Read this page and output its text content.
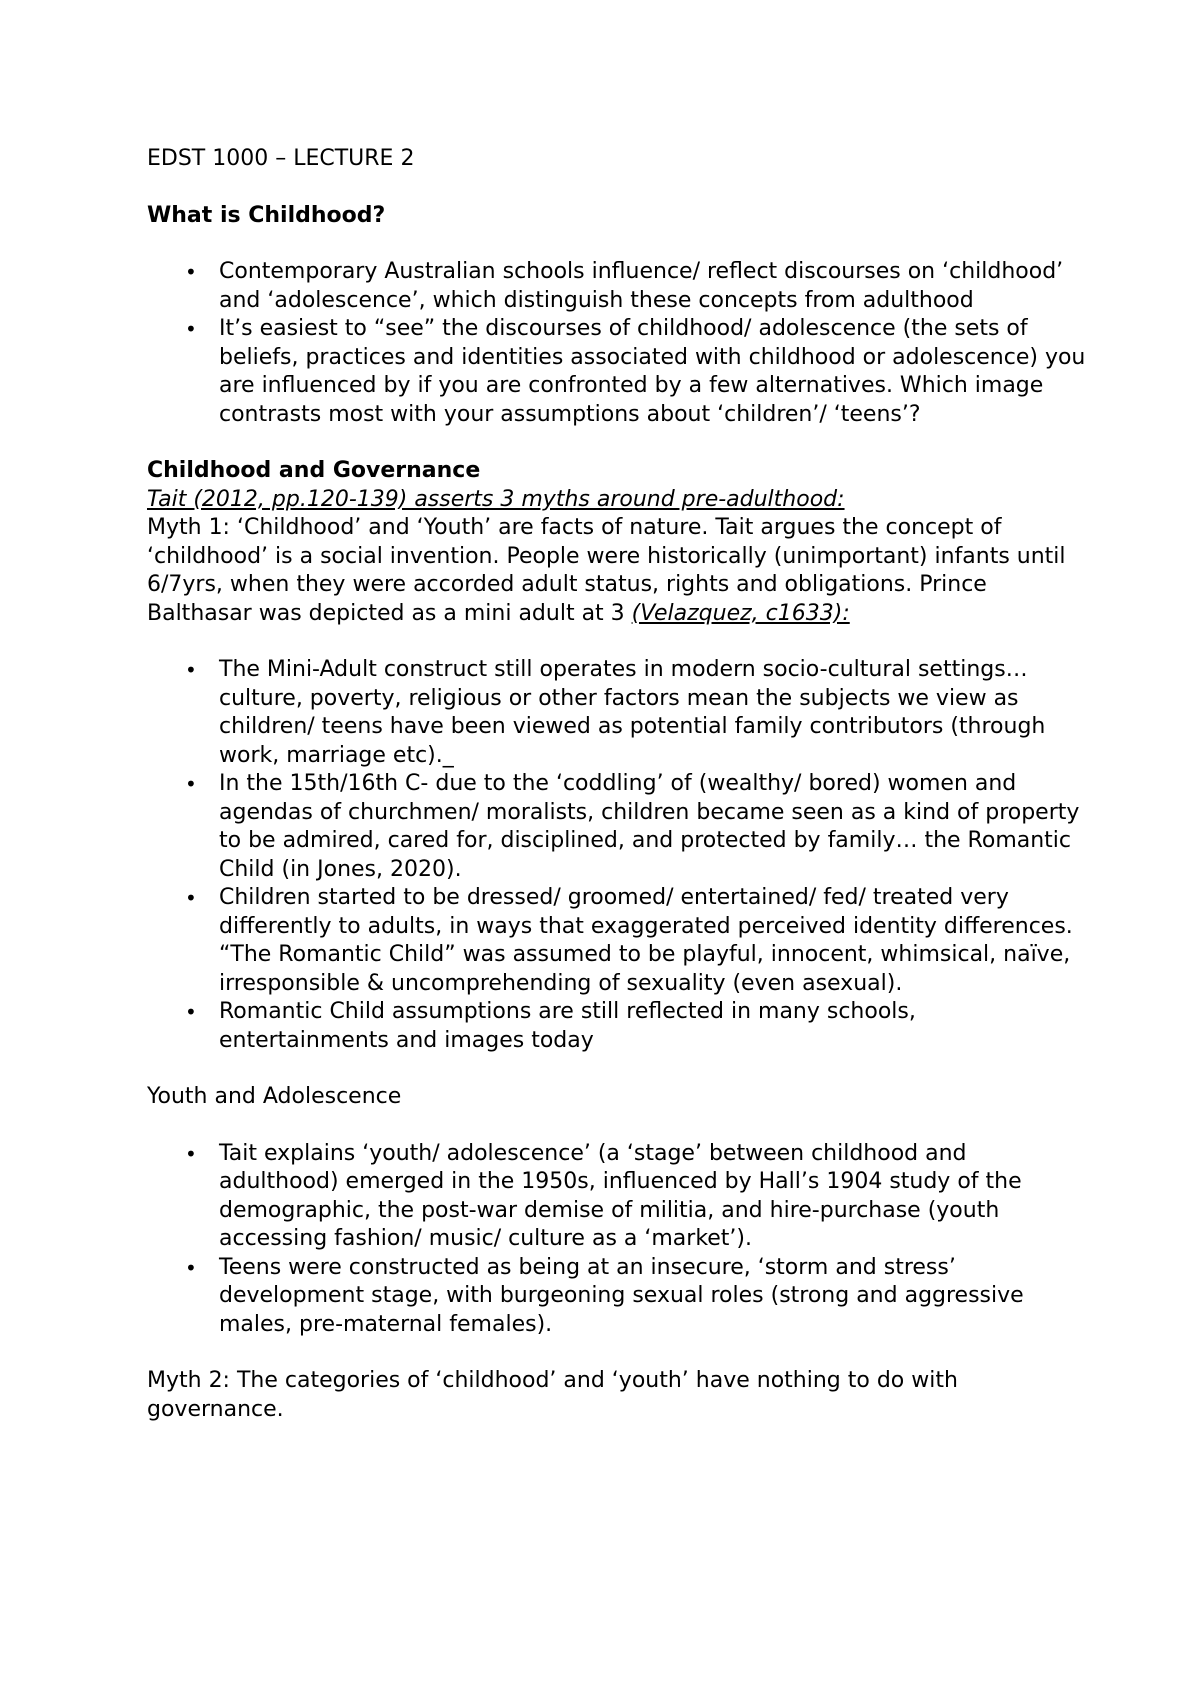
EDST 1000 – LECTURE 2

What is Childhood?

• Contemporary Australian schools influence/ reflect discourses on ‘childhood’ and ‘adolescence’, which distinguish these concepts from adulthood
• It’s easiest to “see” the discourses of childhood/ adolescence (the sets of beliefs, practices and identities associated with childhood or adolescence) you are influenced by if you are confronted by a few alternatives. Which image contrasts most with your assumptions about ‘children’/ ‘teens’?

Childhood and Governance

Tait (2012, pp.120-139) asserts 3 myths around pre-adulthood:

Myth 1: ‘Childhood’ and ‘Youth’ are facts of nature. Tait argues the concept of ‘childhood’ is a social invention. People were historically (unimportant) infants until 6/7yrs, when they were accorded adult status, rights and obligations. Prince Balthasar was depicted as a mini adult at 3 (Velazquez, c1633):

• The Mini-Adult construct still operates in modern socio-cultural settings… culture, poverty, religious or other factors mean the subjects we view as children/ teens have been viewed as potential family contributors (through work, marriage etc)._
• In the 15th/16th C- due to the ‘coddling’ of (wealthy/ bored) women and agendas of churchmen/ moralists, children became seen as a kind of property to be admired, cared for, disciplined, and protected by family… the Romantic Child (in Jones, 2020).
• Children started to be dressed/ groomed/ entertained/ fed/ treated very differently to adults, in ways that exaggerated perceived identity differences. “The Romantic Child” was assumed to be playful, innocent, whimsical, naïve, irresponsible & uncomprehending of sexuality (even asexual).
• Romantic Child assumptions are still reflected in many schools, entertainments and images today

Youth and Adolescence

• Tait explains ‘youth/ adolescence’ (a ‘stage’ between childhood and adulthood) emerged in the 1950s, influenced by Hall’s 1904 study of the demographic, the post-war demise of militia, and hire-purchase (youth accessing fashion/ music/ culture as a ‘market’).
• Teens were constructed as being at an insecure, ‘storm and stress’ development stage, with burgeoning sexual roles (strong and aggressive males, pre-maternal females).

Myth 2: The categories of ‘childhood’ and ‘youth’ have nothing to do with governance.
